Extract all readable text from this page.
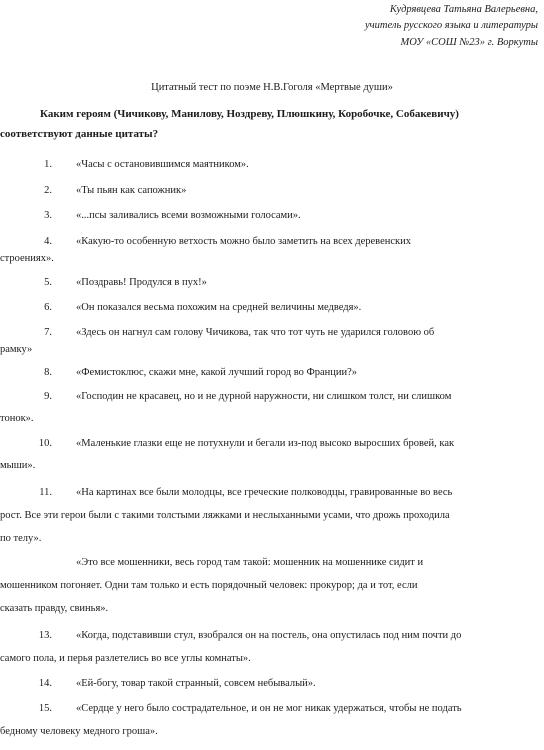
Кудрявцева Татьяна Валерьевна,
учитель русского языка и литературы
МОУ «СОШ №23» г. Воркуты
Цитатный тест по поэме Н.В.Гоголя «Мертвые души»
Каким героям (Чичикову, Манилову, Ноздреву, Плюшкину, Коробочке, Собакевичу)
соответствуют данные цитаты?
1. «Часы с остановившимся маятником».
2. «Ты пьян как сапожник»
3. «...псы заливались всеми возможными голосами».
4. «Какую-то особенную ветхость можно было заметить на всех деревенских
строениях».
5. «Поздравь! Продулся в пух!»
6. «Он показался весьма похожим на средней величины медведя».
7. «Здесь он нагнул сам голову Чичикова, так что тот чуть не ударился головою об
рамку»
8. «Фемистоклюс, скажи мне, какой лучший город во Франции?»
9. «Господин не красавец, но и не дурной наружности, ни слишком толст, ни слишком
тонок».
10. «Маленькие глазки еще не потухнули и бегали из-под высоко выросших бровей, как
мыши».
11. «На картинах все были молодцы, все греческие полководцы, гравированные во весь
рост. Все эти герои были с такими толстыми ляжками и неслыханными усами, что дрожь проходила
по телу».
«Это все мошенники, весь город там такой: мошенник на мошеннике сидит и
мошенником погоняет. Одни там только и есть порядочный человек: прокурор; да и тот, если
сказать правду, свинья».
13. «Когда, подставивши стул, взобрался он на постель, она опустилась под ним почти до
самого пола, и перья разлетелись во все углы комнаты».
14. «Ей-богу, товар такой странный, совсем небывалый».
15. «Сердце у него было сострадательное, и он не мог никак удержаться, чтобы не подать
бедному человеку медного гроша».
